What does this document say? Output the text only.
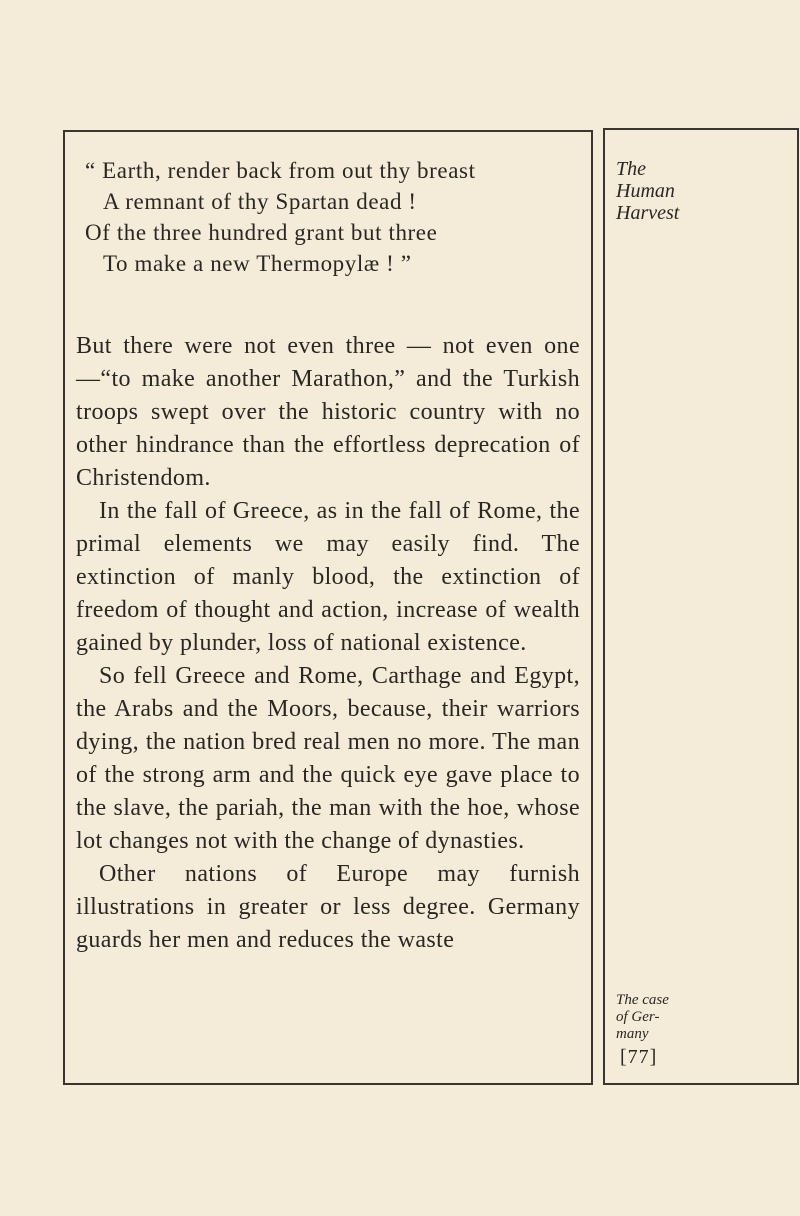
“ Earth, render back from out thy breast
A remnant of thy Spartan dead !
Of the three hundred grant but three
To make a new Thermopylæ ! ”

But there were not even three — not even one —“to make another Marathon,” and the Turkish troops swept over the historic country with no other hindrance than the effortless deprecation of Christendom.

In the fall of Greece, as in the fall of Rome, the primal elements we may easily find. The extinction of manly blood, the extinction of freedom of thought and action, increase of wealth gained by plunder, loss of national existence.

So fell Greece and Rome, Carthage and Egypt, the Arabs and the Moors, because, their warriors dying, the nation bred real men no more. The man of the strong arm and the quick eye gave place to the slave, the pariah, the man with the hoe, whose lot changes not with the change of dynasties.

Other nations of Europe may furnish illustrations in greater or less degree. Germany guards her men and reduces the waste

The
Human
Harvest
The case
of Ger-
many
[77]
